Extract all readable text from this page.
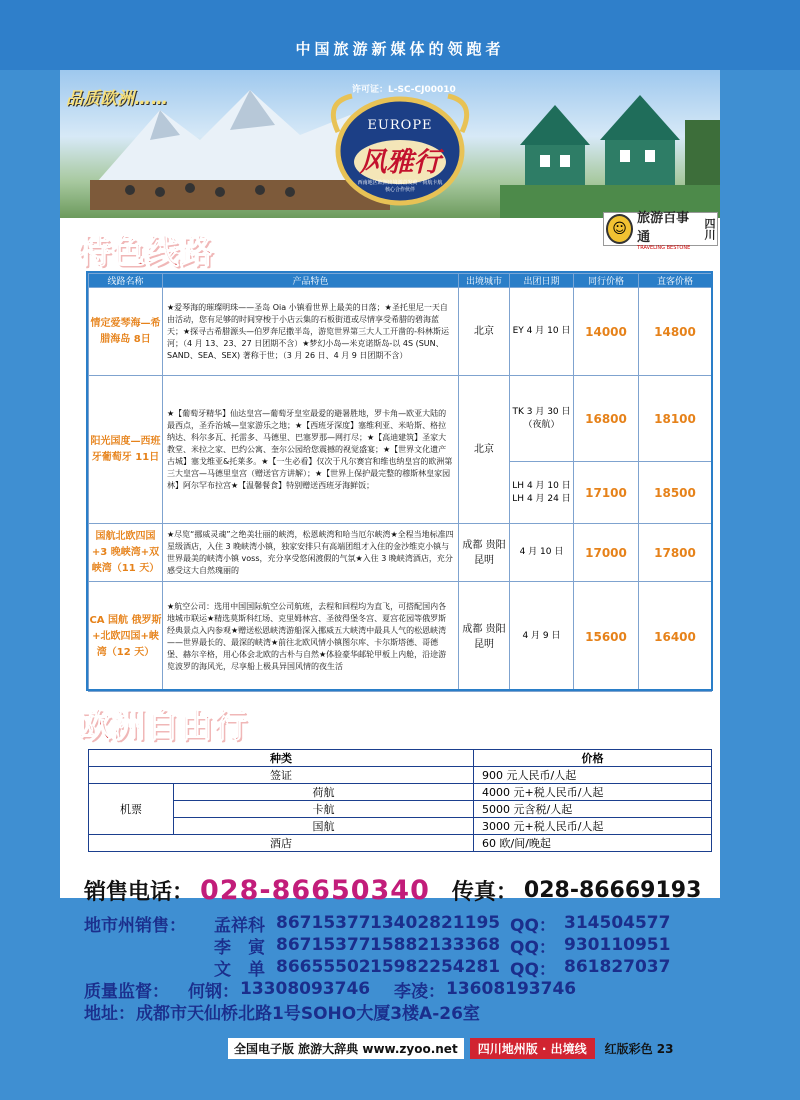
中国旅游新媒体的领跑者
品质欧洲……	许可证：L-SC-CJ00010
EUROPE
风雅行
西南地区欧洲出境游首发商 · 荷航卡航核心合作伙伴
☺
旅游百事通
TRAVELING BESTONE
四川
特色线路
线路名称	产品特色	出境城市	出团日期	同行价格	直客价格
情定爱琴海—希腊海岛 8日	★爱琴海的璀璨明珠——圣岛 Oia 小镇看世界上最美的日落；★圣托里尼一天自由活动，您有足够的时间穿梭于小店云集的石板街道或尽情享受希腊的碧海蓝天；★探寻古希腊源头—伯罗奔尼撒半岛，游览世界第三大人工开凿的-科林斯运河；（4 月 13、23、27 日团期不含）★梦幻小岛—米克诺斯岛-以 4S (SUN、SAND、SEA、SEX) 著称于世；（3 月 26 日、4 月 9 日团期不含）	北京	EY 4 月 10 日	14000	14800
阳光国度—西班牙葡萄牙 11日	★【葡萄牙精华】仙达皇宫—葡萄牙皇室最爱的避暑胜地，罗卡角—欧亚大陆的最西点，圣乔治城—皇家游乐之地；★【西班牙深度】塞维利亚、米哈斯、格拉纳达、科尔多瓦、托雷多、马德里、巴塞罗那—网打尽；★【高迪建筑】圣家大教堂、米拉之家、巴约公寓、奎尔公园给您震撼的视觉盛宴；★【世界文化遗产古城】塞戈维亚&托莱多。★【一生必看】仅次于凡尔赛宫和维也纳皇宫的欧洲第三大皇宫—马德里皇宫（赠送官方讲解）；★【世界上保护最完整的穆斯林皇家园林】阿尔罕布拉宫★【温馨餐食】特别赠送西班牙海鲜饭；	北京	TK 3 月 30 日（夜航）	16800	18100
			LH 4 月 10 日 LH 4 月 24 日	17100	18500
国航北欧四国+3 晚峡湾+双峡湾（11 天）	★尽览“挪威灵魂”之绝美壮丽的峡湾，松恩峡湾和哈当厄尔峡湾★全程当地标准四星级酒店，入住 3 晚峡湾小镇，独家安排只有高端团组才入住的金沙维克小镇与世界最美的峡湾小镇 voss，充分享受悠闲渡假的气氛★入住 3 晚峡湾酒店，充分感受这大自然瑰丽的	成都 贵阳 昆明	4 月 10 日	17000	17800
CA 国航 俄罗斯+北欧四国+峡湾（12 天）	★航空公司：选用中国国际航空公司航班，去程和回程均为直飞，可搭配国内各地城市联运★精选莫斯科红场、克里姆林宫、圣彼得堡冬宫、夏宫花园等俄罗斯经典景点入内参观★赠送松恩峡湾游船深入挪威五大峡湾中最具人气的松恩峡湾——世界最长的、最深的峡湾★前往北欧风情小镇图尔库、卡尔斯塔德、哥德堡、赫尔辛格，用心体会北欧的古朴与自然★体验豪华邮轮甲板上内舱，沿途游览波罗的海风光，尽享船上极具异国风情的夜生活	成都 贵阳 昆明	4 月 9 日	15600	16400
欧洲自由行
种类		价格
签证		900 元人民币/人起
机票	荷航	4000 元+税人民币/人起
	卡航	5000 元含税/人起
	国航	3000 元+税人民币/人起
酒店		60 欧/间/晚起
销售电话： 028-86650340 传真： 028-86669193
地市州销售：	孟祥科 86715377 13402821195 QQ： 314504577
李　寅 86715377 15882133368 QQ： 930110951
文　单 86655502 15982254281 QQ： 861827037
质量监督：	何钢： 13308093746	李凌： 13608193746
地址： 成都市天仙桥北路1号SOHO大厦3楼A-26室
全国电子版 旅游大辞典 www.zyoo.net	四川地州版 · 出境线	红版彩色 23
